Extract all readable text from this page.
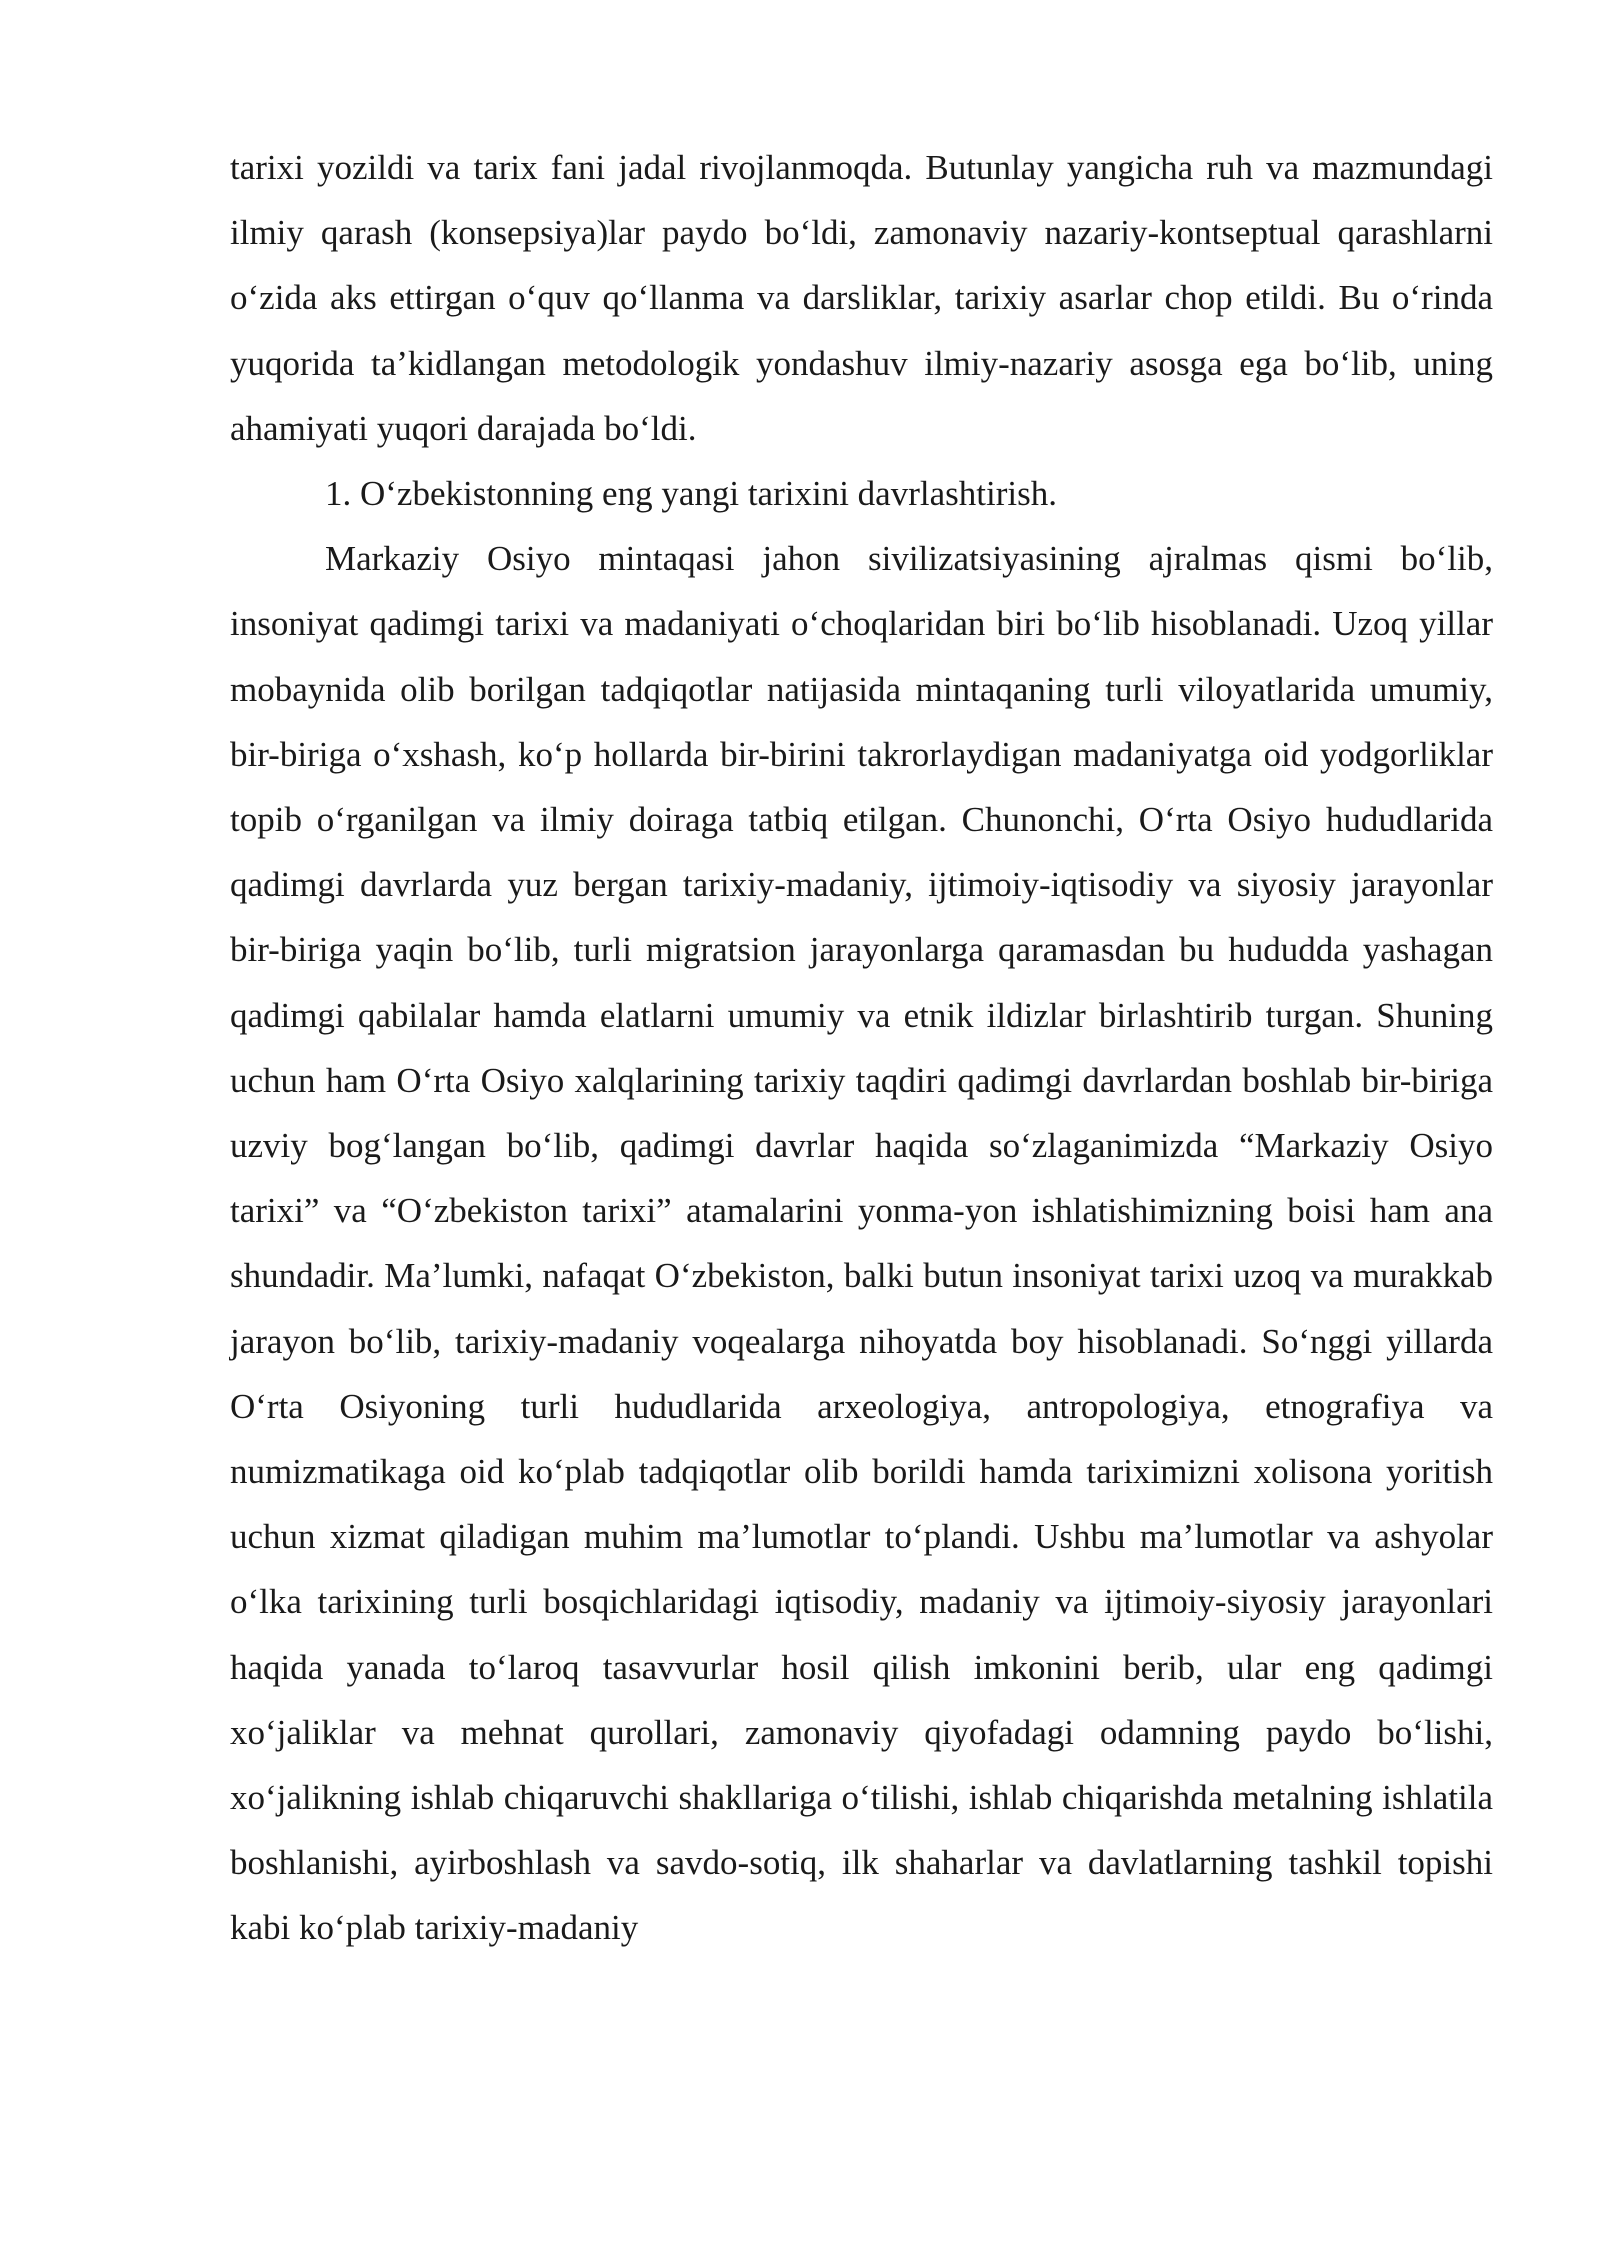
tarixi yozildi va tarix fani jadal rivojlanmoqda. Butunlay yangicha ruh va mazmundagi ilmiy qarash (konsepsiya)lar paydo bo‘ldi, zamonaviy nazariy-kontseptual qarashlarni o‘zida aks ettirgan o‘quv qo‘llanma va darsliklar, tarixiy asarlar chop etildi. Bu o‘rinda yuqorida ta’kidlangan metodologik yondashuv ilmiy-nazariy asosga ega bo‘lib, uning ahamiyati yuqori darajada bo‘ldi.

1. O‘zbekistonning eng yangi tarixini davrlashtirish.

Markaziy Osiyo mintaqasi jahon sivilizatsiyasining ajralmas qismi bo‘lib, insoniyat qadimgi tarixi va madaniyati o‘choqlaridan biri bo‘lib hisoblanadi. Uzoq yillar mobaynida olib borilgan tadqiqotlar natijasida mintaqaning turli viloyatlarida umumiy, bir-biriga o‘xshash, ko‘p hollarda bir-birini takrorlaydigan madaniyatga oid yodgorliklar topib o‘rganilgan va ilmiy doiraga tatbiq etilgan. Chunonchi, O‘rta Osiyo hududlarida qadimgi davrlarda yuz bergan tarixiy-madaniy, ijtimoiy-iqtisodiy va siyosiy jarayonlar bir-biriga yaqin bo‘lib, turli migratsion jarayonlarga qaramasdan bu hududda yashagan qadimgi qabilalar hamda elatlarni umumiy va etnik ildizlar birlashtirib turgan. Shuning uchun ham O‘rta Osiyo xalqlarining tarixiy taqdiri qadimgi davrlardan boshlab bir-biriga uzviy bog‘langan bo‘lib, qadimgi davrlar haqida so‘zlaganimizda “Markaziy Osiyo tarixi” va “O‘zbekiston tarixi” atamalarini yonma-yon ishlatishimizning boisi ham ana shundadir. Ma’lumki, nafaqat O‘zbekiston, balki butun insoniyat tarixi uzoq va murakkab jarayon bo‘lib, tarixiy-madaniy voqealarga nihoyatda boy hisoblanadi. So‘nggi yillarda O‘rta Osiyoning turli hududlarida arxeologiya, antropologiya, etnografiya va numizmatikaga oid ko‘plab tadqiqotlar olib borildi hamda tariximizni xolisona yoritish uchun xizmat qiladigan muhim ma’lumotlar to‘plandi. Ushbu ma’lumotlar va ashyolar o‘lka tarixining turli bosqichlaridagi iqtisodiy, madaniy va ijtimoiy-siyosiy jarayonlari haqida yanada to‘laroq tasavvurlar hosil qilish imkonini berib, ular eng qadimgi xo‘jaliklar va mehnat qurollari, zamonaviy qiyofadagi odamning paydo bo‘lishi, xo‘jalikning ishlab chiqaruvchi shakllariga o‘tilishi, ishlab chiqarishda metalning ishlatila boshlanishi, ayirboshlash va savdo-sotiq, ilk shaharlar va davlatlarning tashkil topishi kabi ko‘plab tarixiy-madaniy
